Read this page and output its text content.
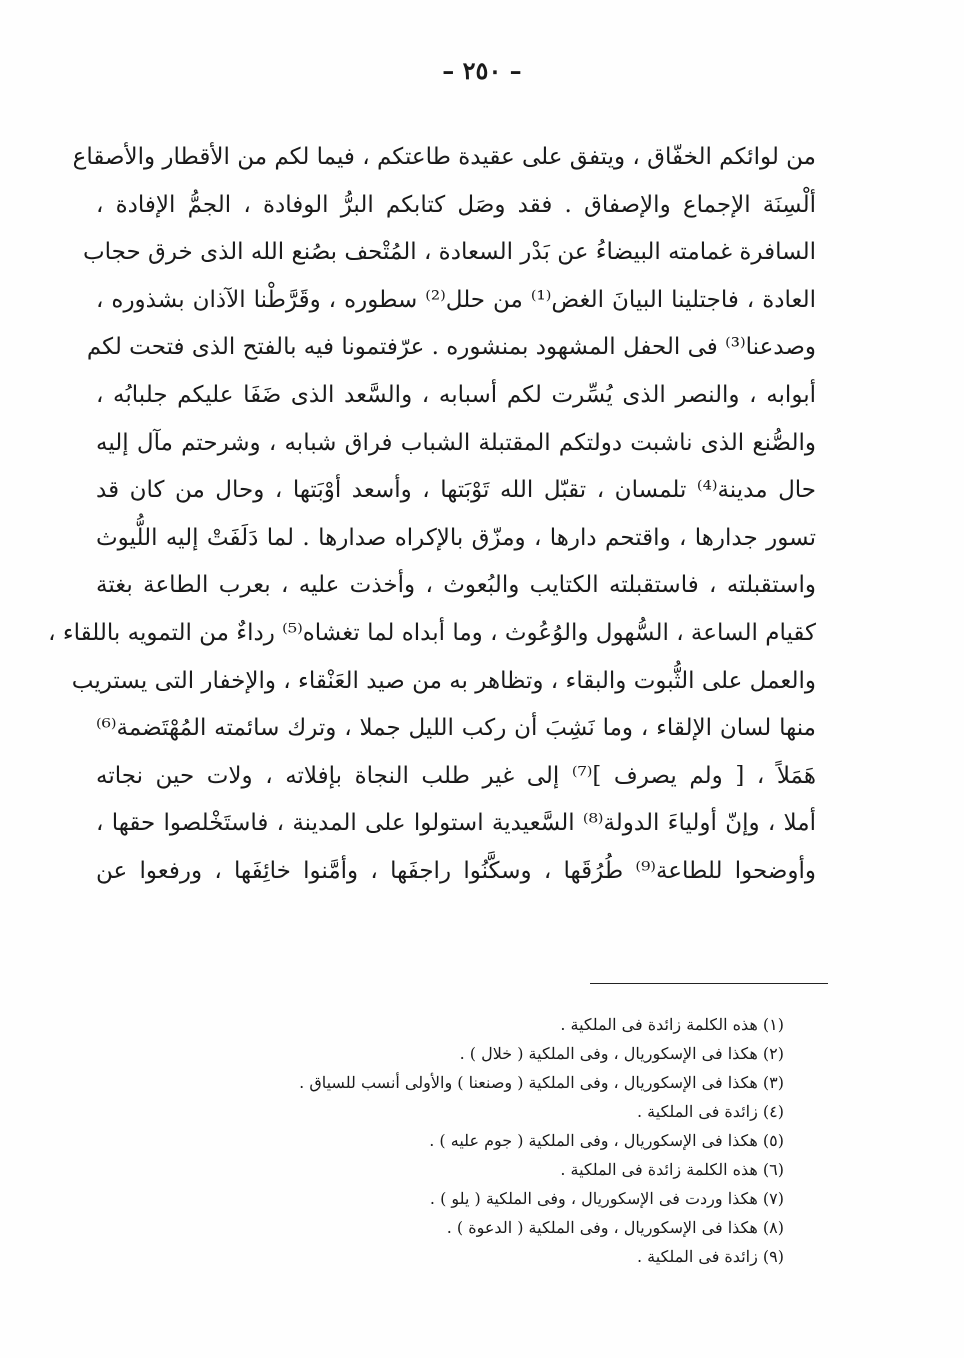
– ٢٥٠ –
من لوائكم الخفّاق ، ويتفق على عقيدة طاعتكم ، فيما لكم من الأقطار والأصقاع
ألْسِنَة الإجماع والإصفاق . فقد وصَل كتابكم البرُّ الوفادة ، الجمُّ الإفادة ،
السافرة غمامته البيضاءُ عن بَدْر السعادة ، المُتْحف بصُنع الله الذى خرق حجاب
العادة ، فاجتلينا البيانَ الغض⁽¹⁾ من حلل⁽²⁾ سطوره ، وقَرَّطْنا الآذان بشذوره ،
وصدعنا⁽³⁾ فى الحفل المشهود بمنشوره . عرّفتمونا فيه بالفتح الذى فتحت لكم
أبوابه ، والنصر الذى يُسِّرت لكم أسبابه ، والسَّعد الذى ضَفَا عليكم جلبابُه ،
والصُّنع الذى ناشبت دولتكم المقتبلة الشباب فراق شبابه ، وشرحتم مآل إليه
حال مدينة⁽⁴⁾ تلمسان ، تقبّل الله تَوْبَتها ، وأسعد أوْبَتها ، وحال من كان قد
تسور جدارها ، واقتحم دارها ، ومزّق بالإكراه صدارها . لما دَلَفَتْ إليه اللُّيوث
واستقبلته ، فاستقبلته الكتايب والبُعوث ، وأخذت عليه ، بعرب الطاعة بغتة
كقيام الساعة ، السُّهول والوُعُوث ، وما أبداه لما تغشاه⁽⁵⁾ رداءٌ من التمويه باللقاء ،
والعمل على الثُّبوت والبقاء ، وتظاهر به من صيد العَنْقاء ، والإخفار التى يستريب
منها لسان الإلقاء ، وما نَشِبَ أن ركب الليل جملا ، وترك سائمته المُهْتَضمة⁽⁶⁾
هَمَلاً ، [ ولم يصرف ]⁽⁷⁾ إلى غير طلب النجاة بإفلاته ، ولات حين نجاته
أملا ، وإنّ أولياءَ الدولة⁽⁸⁾ السَّعيدية استولوا على المدينة ، فاستَخْلصوا حقها ،
وأوضحوا للطاعة⁽⁹⁾ طُرُقَها ، وسكَّنُوا راجفَها ، وأمَّنوا خائِفَها ، ورفعوا عن
(١) هذه الكلمة زائدة فى الملكية .
(٢) هكذا فى الإسكوريال ، وفى الملكية ( خلال ) .
(٣) هكذا فى الإسكوريال ، وفى الملكية ( وصنعنا ) والأولى أنسب للسياق .
(٤) زائدة فى الملكية .
(٥) هكذا فى الإسكوريال ، وفى الملكية ( جوم عليه ) .
(٦) هذه الكلمة زائدة فى الملكية .
(٧) هكذا وردت فى الإسكوريال ، وفى الملكية ( يلو ) .
(٨) هكذا فى الإسكوريال ، وفى الملكية ( الدعوة ) .
(٩) زائدة فى الملكية .
